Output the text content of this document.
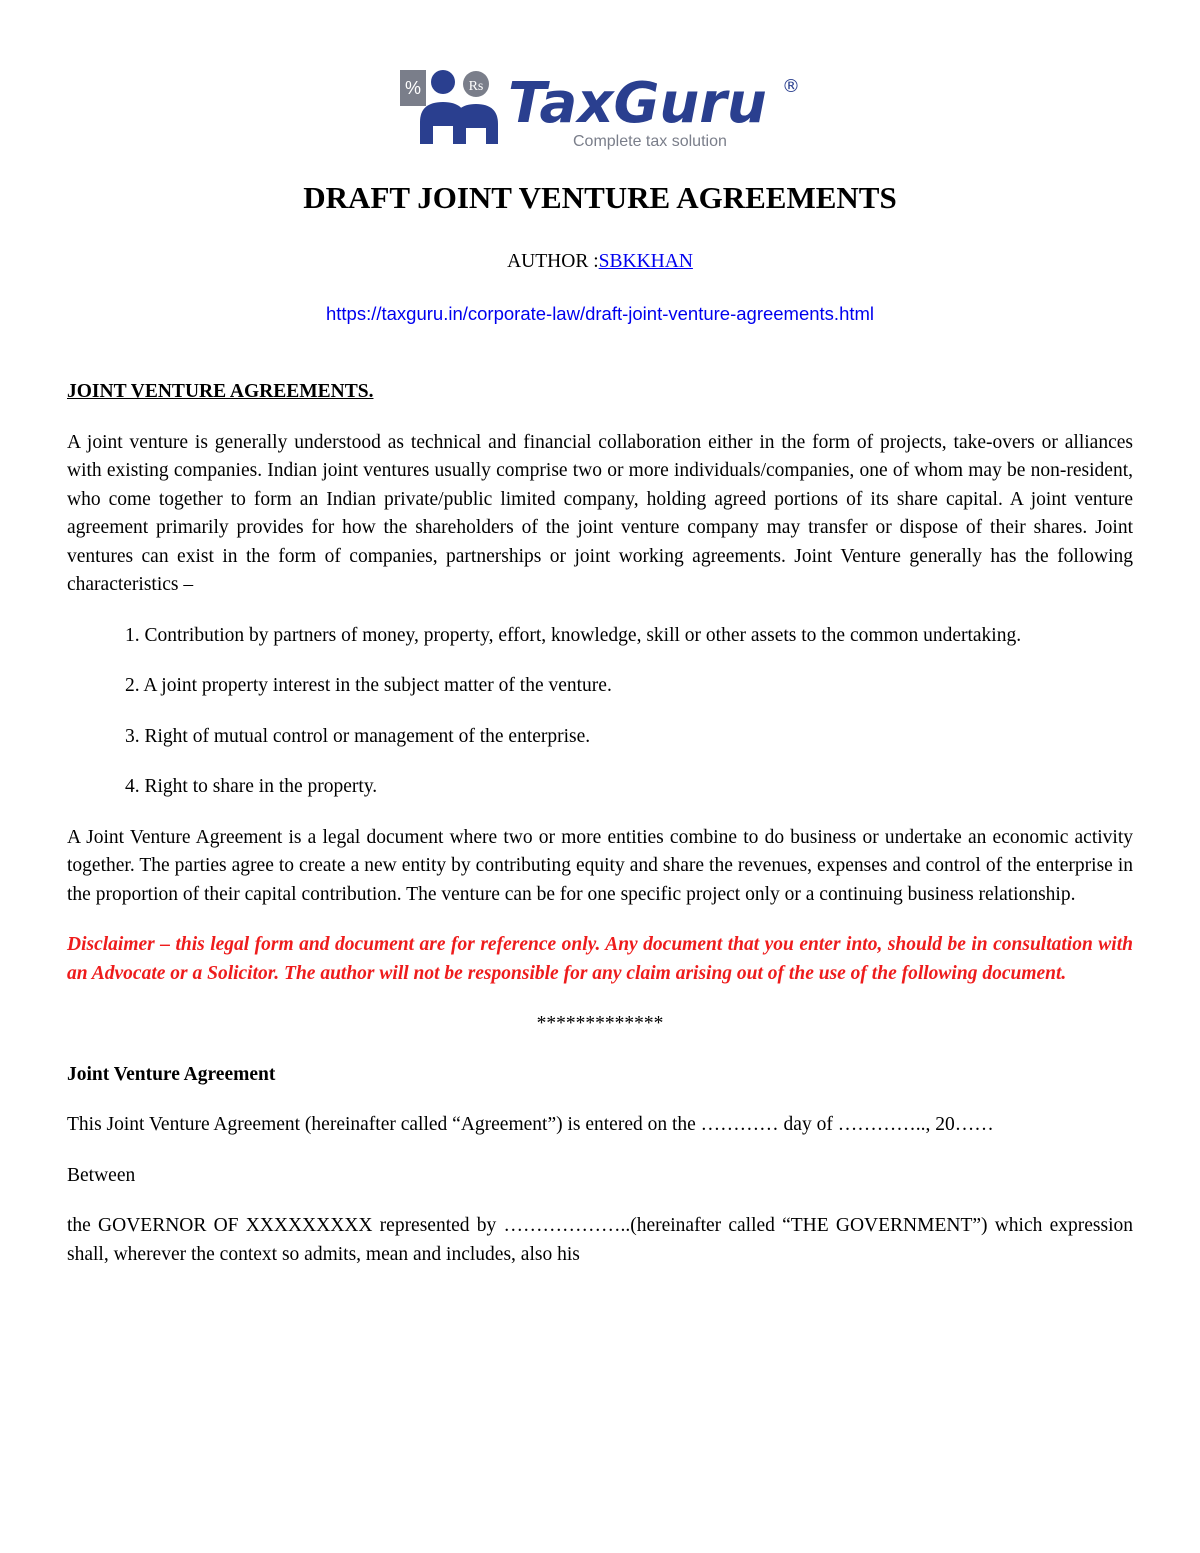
%	Rs TaxGuru ®
Complete tax solution
DRAFT JOINT VENTURE AGREEMENTS
AUTHOR :SBKKHAN
https://taxguru.in/corporate-law/draft-joint-venture-agreements.html

JOINT VENTURE AGREEMENTS.

A joint venture is generally understood as technical and financial collaboration either in the form of projects, take-overs or alliances with existing companies. Indian joint ventures usually comprise two or more individuals/companies, one of whom may be non-resident, who come together to form an Indian private/public limited company, holding agreed portions of its share capital. A joint venture agreement primarily provides for how the shareholders of the joint venture company may transfer or dispose of their shares. Joint ventures can exist in the form of companies, partnerships or joint working agreements. Joint Venture generally has the following characteristics –

1. Contribution by partners of money, property, effort, knowledge, skill or other assets to the common undertaking.
2. A joint property interest in the subject matter of the venture.
3. Right of mutual control or management of the enterprise.
4. Right to share in the property.

A Joint Venture Agreement is a legal document where two or more entities combine to do business or undertake an economic activity together. The parties agree to create a new entity by contributing equity and share the revenues, expenses and control of the enterprise in the proportion of their capital contribution. The venture can be for one specific project only or a continuing business relationship.

Disclaimer – this legal form and document are for reference only. Any document that you enter into, should be in consultation with an Advocate or a Solicitor. The author will not be responsible for any claim arising out of the use of the following document.

*************

Joint Venture Agreement

This Joint Venture Agreement (hereinafter called “Agreement”) is entered on the ………… day of ………….., 20……

Between

the GOVERNOR OF XXXXXXXXX represented by ………………..(hereinafter called “THE GOVERNMENT”) which expression shall, wherever the context so admits, mean and includes, also his
